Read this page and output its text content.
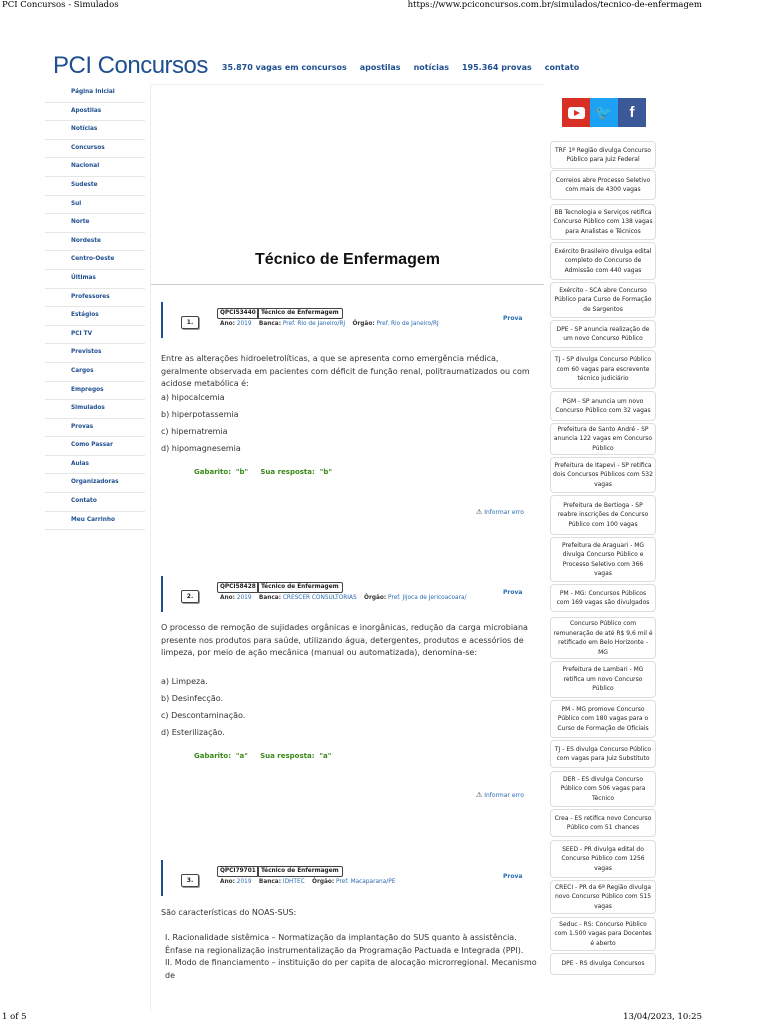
PCI Concursos - Simulados	https://www.pciconcursos.com.br/simulados/tecnico-de-enfermagem
PCI Concursos 35.870 vagas em concursos apostilas notícias 195.364 provas contato
Página Inicial
Apostilas
Notícias
Concursos
Nacional
Sudeste
Sul
Norte
Nordeste
Centro-Oeste
Últimas
Professores
Estágios
PCI TV
Previstos
Cargos
Empregos
Simulados
Provas
Como Passar
Aulas
Organizadoras
Contato
Meu Carrinho
Técnico de Enfermagem
1.
QPCI53440 Técnico de Enfermagem
Ano: 2019 Banca: Pref. Rio de Janeiro/RJ Órgão: Pref. Rio de Janeiro/RJ
Prova
Entre as alterações hidroeletrolíticas, a que se apresenta como emergência médica, geralmente observada em pacientes com déficit de função renal, politraumatizados ou com acidose metabólica é:
a) hipocalcemia
b) hiperpotassemia
c) hipernatremia
d) hipomagnesemia
Gabarito: "b" Sua resposta: "b"
⚠ Informar erro
2.
QPCI58428 Técnico de Enfermagem
Ano: 2019 Banca: CRESCER CONSULTORIAS Órgão: Pref. Jijoca de Jericoacoara/
Prova
O processo de remoção de sujidades orgânicas e inorgânicas, redução da carga microbiana presente nos produtos para saúde, utilizando água, detergentes, produtos e acessórios de limpeza, por meio de ação mecânica (manual ou automatizada), denomina-se:
a) Limpeza.
b) Desinfecção.
c) Descontaminação.
d) Esterilização.
Gabarito: "a" Sua resposta: "a"
⚠ Informar erro
3.
QPCI79701 Técnico de Enfermagem
Ano: 2019 Banca: IDHTEC Órgão: Pref. Macaparana/PE
Prova
São características do NOAS-SUS:
I. Racionalidade sistêmica – Normatização da implantação do SUS quanto à assistência. Ênfase na regionalização instrumentalização da Programação Pactuada e Integrada (PPI).
II. Modo de financiamento – instituição do per capita de alocação microrregional. Mecanismo de
🐦	f
TRF 1ª Região divulga Concurso Público para Juiz Federal
Correios abre Processo Seletivo com mais de 4300 vagas
BB Tecnologia e Serviços retifica Concurso Público com 138 vagas para Analistas e Técnicos
Exército Brasileiro divulga edital completo do Concurso de Admissão com 440 vagas
Exército - SCA abre Concurso Público para Curso de Formação de Sargentos
DPE - SP anuncia realização de um novo Concurso Público
TJ - SP divulga Concurso Público com 60 vagas para escrevente técnico judiciário
PGM - SP anuncia um novo Concurso Público com 32 vagas
Prefeitura de Santo André - SP anuncia 122 vagas em Concurso Público
Prefeitura de Itapevi - SP retifica dois Concursos Públicos com 532 vagas
Prefeitura de Bertioga - SP reabre inscrições de Concurso Público com 100 vagas
Prefeitura de Araguari - MG divulga Concurso Público e Processo Seletivo com 366 vagas
PM - MG: Concursos Públicos com 169 vagas são divulgados
Concurso Público com remuneração de até R$ 9,6 mil é retificado em Belo Horizonte - MG
Prefeitura de Lambari - MG retifica um novo Concurso Público
PM - MG promove Concurso Público com 180 vagas para o Curso de Formação de Oficiais
TJ - ES divulga Concurso Público com vagas para Juiz Substituto
DER - ES divulga Concurso Público com 506 vagas para Técnico
Crea - ES retifica novo Concurso Público com 51 chances
SEED - PR divulga edital do Concurso Público com 1256 vagas
CRECI - PR da 6ª Região divulga novo Concurso Público com 515 vagas
Seduc - RS: Concurso Público com 1.500 vagas para Docentes é aberto
DPE - RS divulga Concursos
1 of 5	13/04/2023, 10:25
